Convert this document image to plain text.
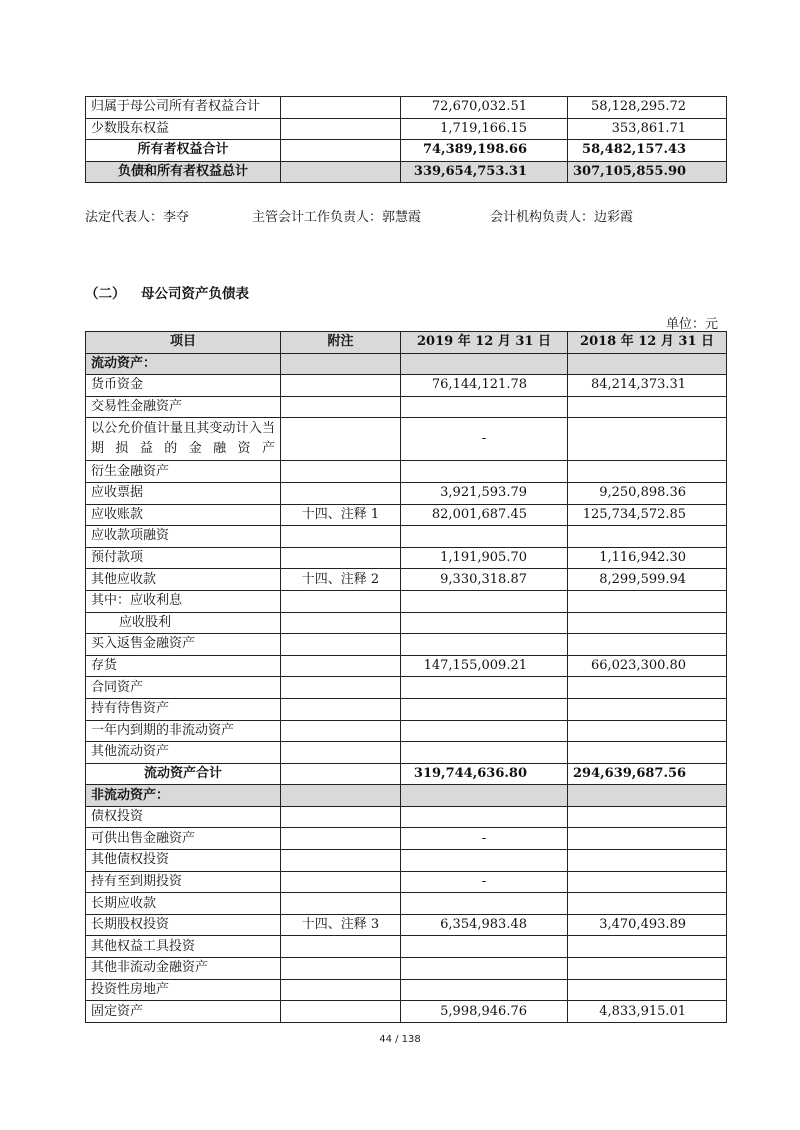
归属于母公司所有者权益合计		72,670,032.51	58,128,295.72
少数股东权益		1,719,166.15	353,861.71
所有者权益合计		74,389,198.66	58,482,157.43
负债和所有者权益总计		339,654,753.31	307,105,855.90
法定代表人：李夺	主管会计工作负责人：郭慧霞	会计机构负责人：边彩霞
（二） 母公司资产负债表
单位：元
项目	附注	2019 年 12 月 31 日	2018 年 12 月 31 日
流动资产：			
货币资金		76,144,121.78	84,214,373.31
交易性金融资产			
以公允价值计量且其变动计入当期损益的金融资产		-	
衍生金融资产			
应收票据		3,921,593.79	9,250,898.36
应收账款	十四、注释 1	82,001,687.45	125,734,572.85
应收款项融资			
预付款项		1,191,905.70	1,116,942.30
其他应收款	十四、注释 2	9,330,318.87	8,299,599.94
其中：应收利息			
应收股利			
买入返售金融资产			
存货		147,155,009.21	66,023,300.80
合同资产			
持有待售资产			
一年内到期的非流动资产			
其他流动资产			
流动资产合计		319,744,636.80	294,639,687.56
非流动资产：			
债权投资			
可供出售金融资产		-	
其他债权投资			
持有至到期投资		-	
长期应收款			
长期股权投资	十四、注释 3	6,354,983.48	3,470,493.89
其他权益工具投资			
其他非流动金融资产			
投资性房地产			
固定资产		5,998,946.76	4,833,915.01
44 / 138
